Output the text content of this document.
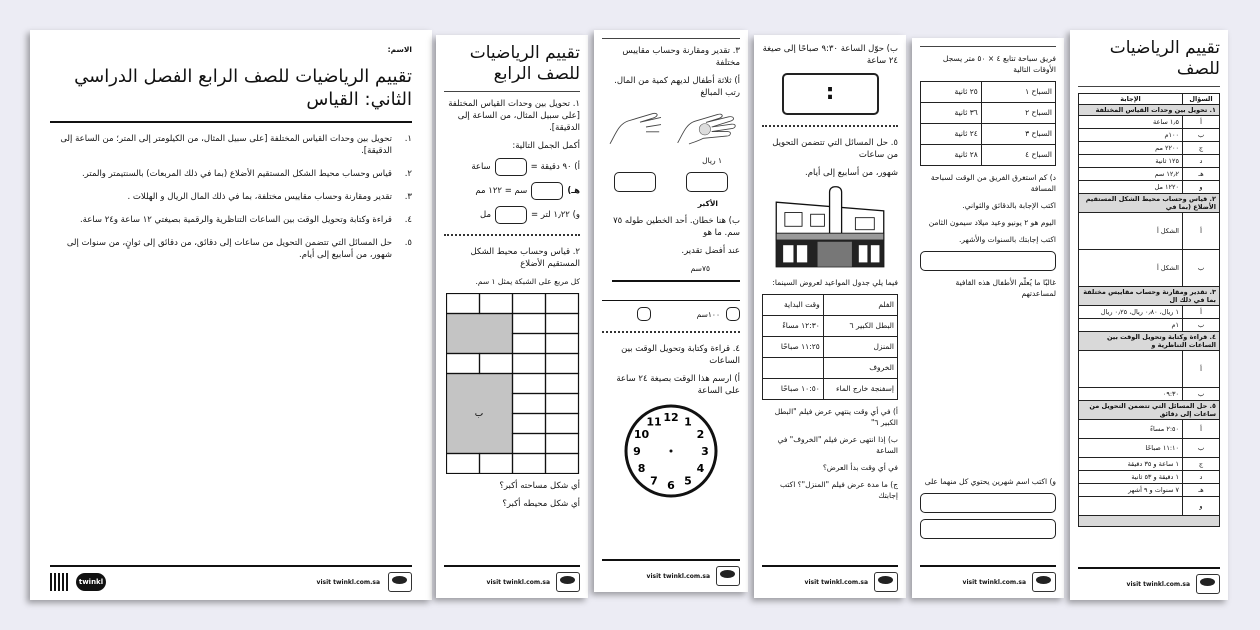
الاسم:
تقييم الرياضيات للصف الرابع الفصل الدراسي الثاني: القياس
١.
تحويل بين وحدات القياس المختلفة [على سبيل المثال، من الكيلومتر إلى المتر؛ من الساعة إلى الدقيقة].
٢.
قياس وحساب محيط الشكل المستقيم الأضلاع (بما في ذلك المربعات) بالسنتيمتر والمتر.
٣.
تقدير ومقارنة وحساب مقاييس مختلفة، بما في ذلك المال الريال و الهللات .
٤.
قراءة وكتابة وتحويل الوقت بين الساعات التناظرية والرقمية بصيغتي ١٢ ساعة و٢٤ ساعة.
٥.
حل المسائل التي تتضمن التحويل من ساعات إلى دقائق، من دقائق إلى ثوانٍ، من سنوات إلى شهور، من أسابيع إلى أيام.
visit twinkl.com.sa
twinkl
تقييم الرياضيات للصف الرابع
١. تحويل بين وحدات القياس المختلفة [على سبيل المثال، من الساعة إلى الدقيقة].
أكمل الجمل التالية:
أ) ٩٠ دقيقة =
ساعة
هـ)
سم = ١٢٢ مم
و) ١٫٢٢ لتر =
مل
٢. قياس وحساب محيط الشكل المستقيم الأضلاع
كل مربع على الشبكة يمثل ١ سم.
ب
أي شكل مساحته أكبر؟
أي شكل محيطه أكبر؟
visit twinkl.com.sa
٣. تقدير ومقارنة وحساب مقاييس مختلفة
أ) ثلاثة أطفال لديهم كمية من المال. رتب المبالغ
١ ريال
الأكبر
ب) هنا خطان. أحد الخطين طوله ٧٥ سم. ما هو
عند أفضل تقدير.
٧٥سم
١٠٠سم
٤. قراءة وكتابة وتحويل الوقت بين الساعات
أ) ارسم هذا الوقت بصيغة ٢٤ ساعة على الساعة
12 1
2
3
4
5
6
7
8
9
10
11
visit twinkl.com.sa
ب) حوّل الساعة ٩:٣٠ صباحًا إلى صيغة ٢٤ ساعة
:
٥. حل المسائل التي تتضمن التحويل من ساعات
شهور، من أسابيع إلى أيام.
فيما يلي جدول المواعيد لعروض السينما:
الفلم	وقت البداية
البطل الكبير ٦	١٢:٣٠ مساءً
المنزل	١١:٢٥ صباحًا
الخروف	
إسفنجة خارج الماء	١٠:٥٠ صباحًا
أ) في أي وقت ينتهي عرض فيلم "البطل الكبير ٦"
ب) إذا انتهى عرض فيلم "الخروف" في الساعة
في أي وقت بدأ العرض؟
ج) ما مدة عرض فيلم "المنزل"؟ اكتب إجابتك
visit twinkl.com.sa
فريق سباحة تتابع ٤ × ٥٠ متر يسجل الأوقات التالية
السباح ١	٢٥ ثانية
السباح ٢	٣٦ ثانية
السباح ٣	٢٤ ثانية
السباح ٤	٢٨ ثانية
د) كم استغرق الفريق من الوقت لسباحة المسافة
اكتب الإجابة بالدقائق والثواني.
اليوم هو ٢ يونيو وعيد ميلاد سيمون الثامن
اكتب إجابتك بالسنوات والأشهر.
غالبًا ما يُعلّم الأطفال هذه القافية لمساعدتهم
و) اكتب اسم شهرين يحتوي كل منهما على
visit twinkl.com.sa
تقييم الرياضيات للصف
السؤال	الإجابة
١. تحويل بين وحدات القياس المختلفة	
أ	١٫٥ ساعة
ب	١٠٠م
ج	٢٢٠٠ مم
د	١٢٥ ثانية
هـ	١٢٫٢ سم
و	١٢٢٠ مل
٢. قياس وحساب محيط الشكل المستقيم الأضلاع (بما في	
أ	الشكل أ
ب	الشكل أ
٣. تقدير ومقارنة وحساب مقاييس مختلفة بما في ذلك ال	
أ	١ ريال، ٠٫٨٠ ريال، ٠٫٢٥ ريال
ب	١م
٤. قراءة وكتابة وتحويل الوقت بين الساعات التناظرية و	
أ	
ب	٠٩:٣٠
٥. حل المسائل التي تتضمن التحويل من ساعات إلى دقائق	
أ	٢:٥٠ مساءً
ب	١١:١٠ صباحًا
ج	١ ساعة و ٣٥ دقيقة
د	١ دقيقة و ٥٣ ثانية
هـ	٧ سنوات و ٩ أشهر
و	

visit twinkl.com.sa
